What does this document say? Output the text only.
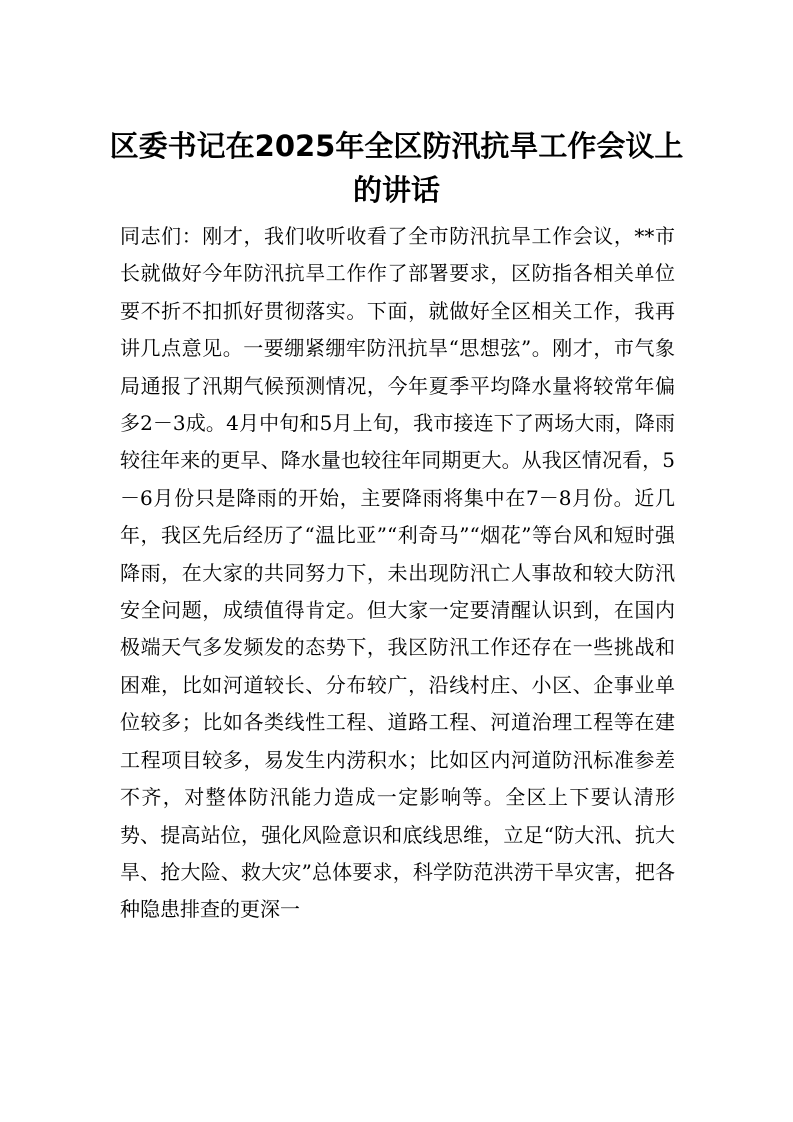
区委书记在2025年全区防汛抗旱工作会议上的讲话

同志们：刚才，我们收听收看了全市防汛抗旱工作会议，**市长就做好今年防汛抗旱工作作了部署要求，区防指各相关单位要不折不扣抓好贯彻落实。下面，就做好全区相关工作，我再讲几点意见。一要绷紧绷牢防汛抗旱“思想弦”。刚才，市气象局通报了汛期气候预测情况，今年夏季平均降水量将较常年偏多2－3成。4月中旬和5月上旬，我市接连下了两场大雨，降雨较往年来的更早、降水量也较往年同期更大。从我区情况看，5－6月份只是降雨的开始，主要降雨将集中在7－8月份。近几年，我区先后经历了“温比亚”“利奇马”“烟花”等台风和短时强降雨，在大家的共同努力下，未出现防汛亡人事故和较大防汛安全问题，成绩值得肯定。但大家一定要清醒认识到，在国内极端天气多发频发的态势下，我区防汛工作还存在一些挑战和困难，比如河道较长、分布较广，沿线村庄、小区、企事业单位较多；比如各类线性工程、道路工程、河道治理工程等在建工程项目较多，易发生内涝积水；比如区内河道防汛标准参差不齐，对整体防汛能力造成一定影响等。全区上下要认清形势、提高站位，强化风险意识和底线思维，立足“防大汛、抗大旱、抢大险、救大灾”总体要求，科学防范洪涝干旱灾害，把各种隐患排查的更深一
